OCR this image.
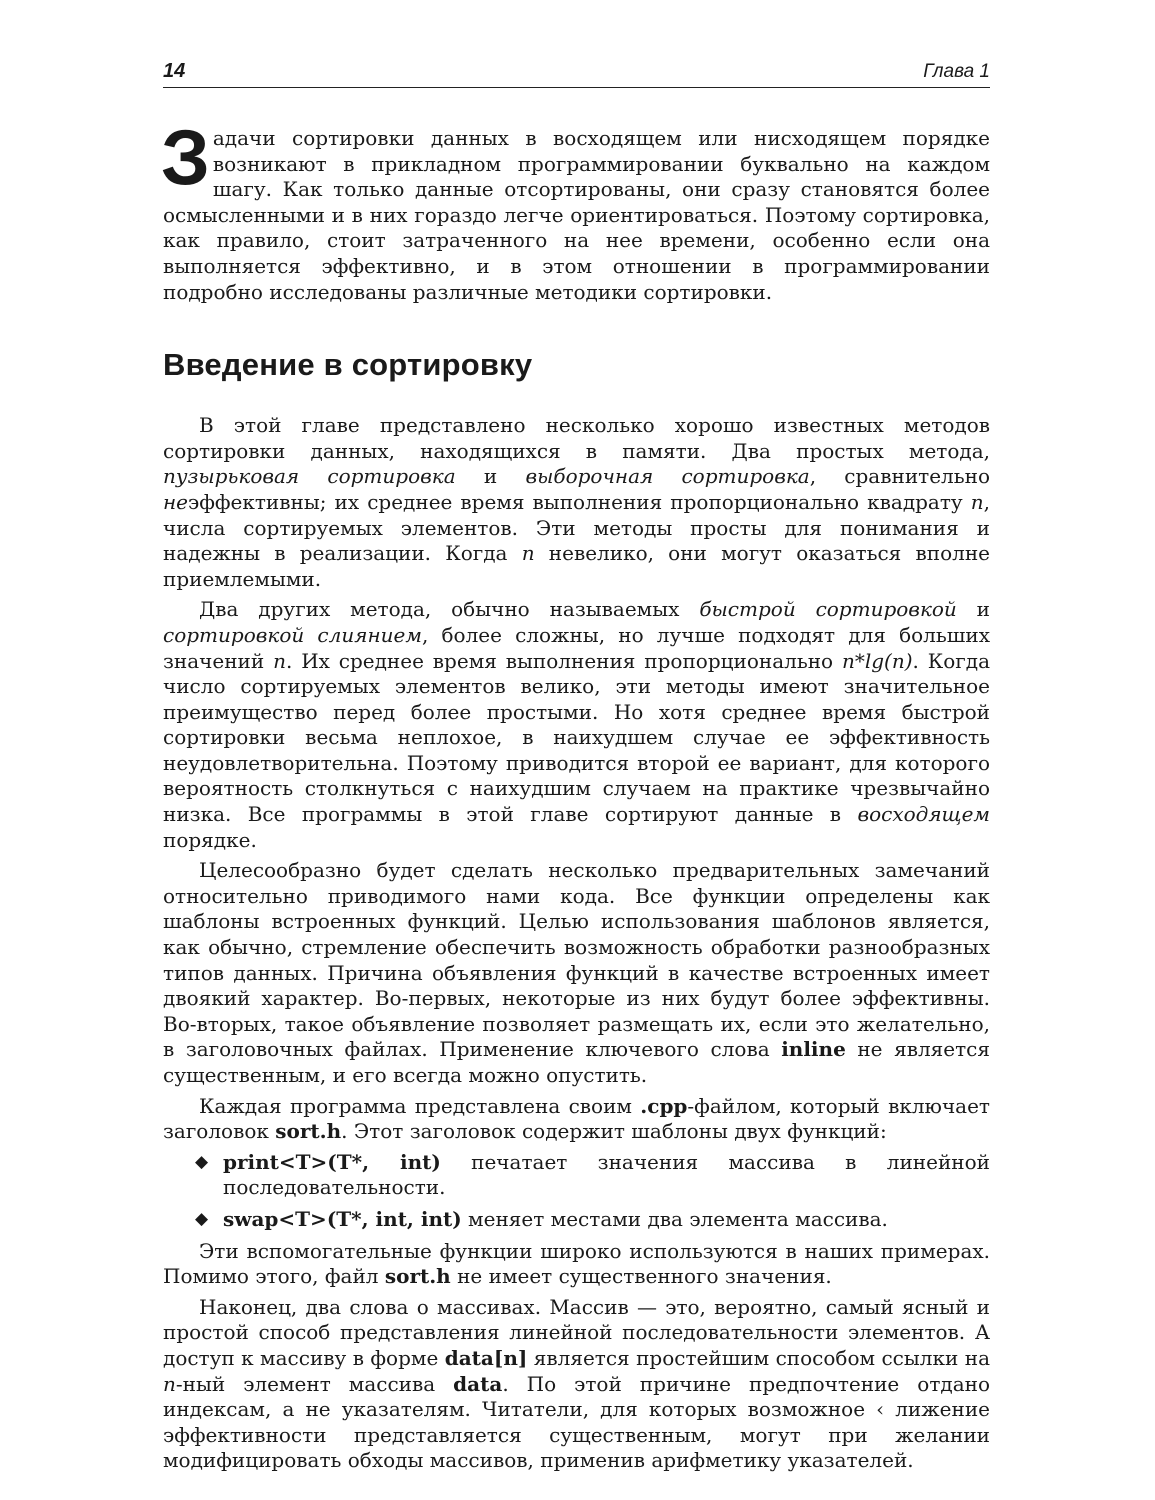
14	Глава 1

Задачи сортировки данных в восходящем или нисходящем порядке возникают в прикладном программировании буквально на каждом шагу. Как только данные отсортированы, они сразу становятся более осмысленными и в них гораздо легче ориентироваться. Поэтому сортировка, как правило, стоит затраченного на нее времени, особенно если она выполняется эффективно, и в этом отношении в программировании подробно исследованы различные методики сортировки.

Введение в сортировку

В этой главе представлено несколько хорошо известных методов сортировки данных, находящихся в памяти. Два простых метода, пузырьковая сортировка и выборочная сортировка, сравнительно неэффективны; их среднее время выполнения пропорционально квадрату n, числа сортируемых элементов. Эти методы просты для понимания и надежны в реализации. Когда n невелико, они могут оказаться вполне приемлемыми.

Два других метода, обычно называемых быстрой сортировкой и сортировкой слиянием, более сложны, но лучше подходят для больших значений n. Их среднее время выполнения пропорционально n*lg(n). Когда число сортируемых элементов велико, эти методы имеют значительное преимущество перед более простыми. Но хотя среднее время быстрой сортировки весьма неплохое, в наихудшем случае ее эффективность неудовлетворительна. Поэтому приводится второй ее вариант, для которого вероятность столкнуться с наихудшим случаем на практике чрезвычайно низка. Все программы в этой главе сортируют данные в восходящем порядке.

Целесообразно будет сделать несколько предварительных замечаний относительно приводимого нами кода. Все функции определены как шаблоны встроенных функций. Целью использования шаблонов является, как обычно, стремление обеспечить возможность обработки разнообразных типов данных. Причина объявления функций в качестве встроенных имеет двоякий характер. Во-первых, некоторые из них будут более эффективны. Во-вторых, такое объявление позволяет размещать их, если это желательно, в заголовочных файлах. Применение ключевого слова inline не является существенным, и его всегда можно опустить.

Каждая программа представлена своим .cpp-файлом, который включает заголовок sort.h. Этот заголовок содержит шаблоны двух функций:

◆ print<T>(T*, int) печатает значения массива в линейной последовательности.
◆ swap<T>(T*, int, int) меняет местами два элемента массива.

Эти вспомогательные функции широко используются в наших примерах. Помимо этого, файл sort.h не имеет существенного значения.

Наконец, два слова о массивах. Массив — это, вероятно, самый ясный и простой способ представления линейной последовательности элементов. А доступ к массиву в форме data[n] является простейшим способом ссылки на n-ный элемент массива data. По этой причине предпочтение отдано индексам, а не указателям. Читатели, для которых возможное ‹ лижение эффективности представляется существенным, могут при желании модифицировать обходы массивов, применив арифметику указателей.
